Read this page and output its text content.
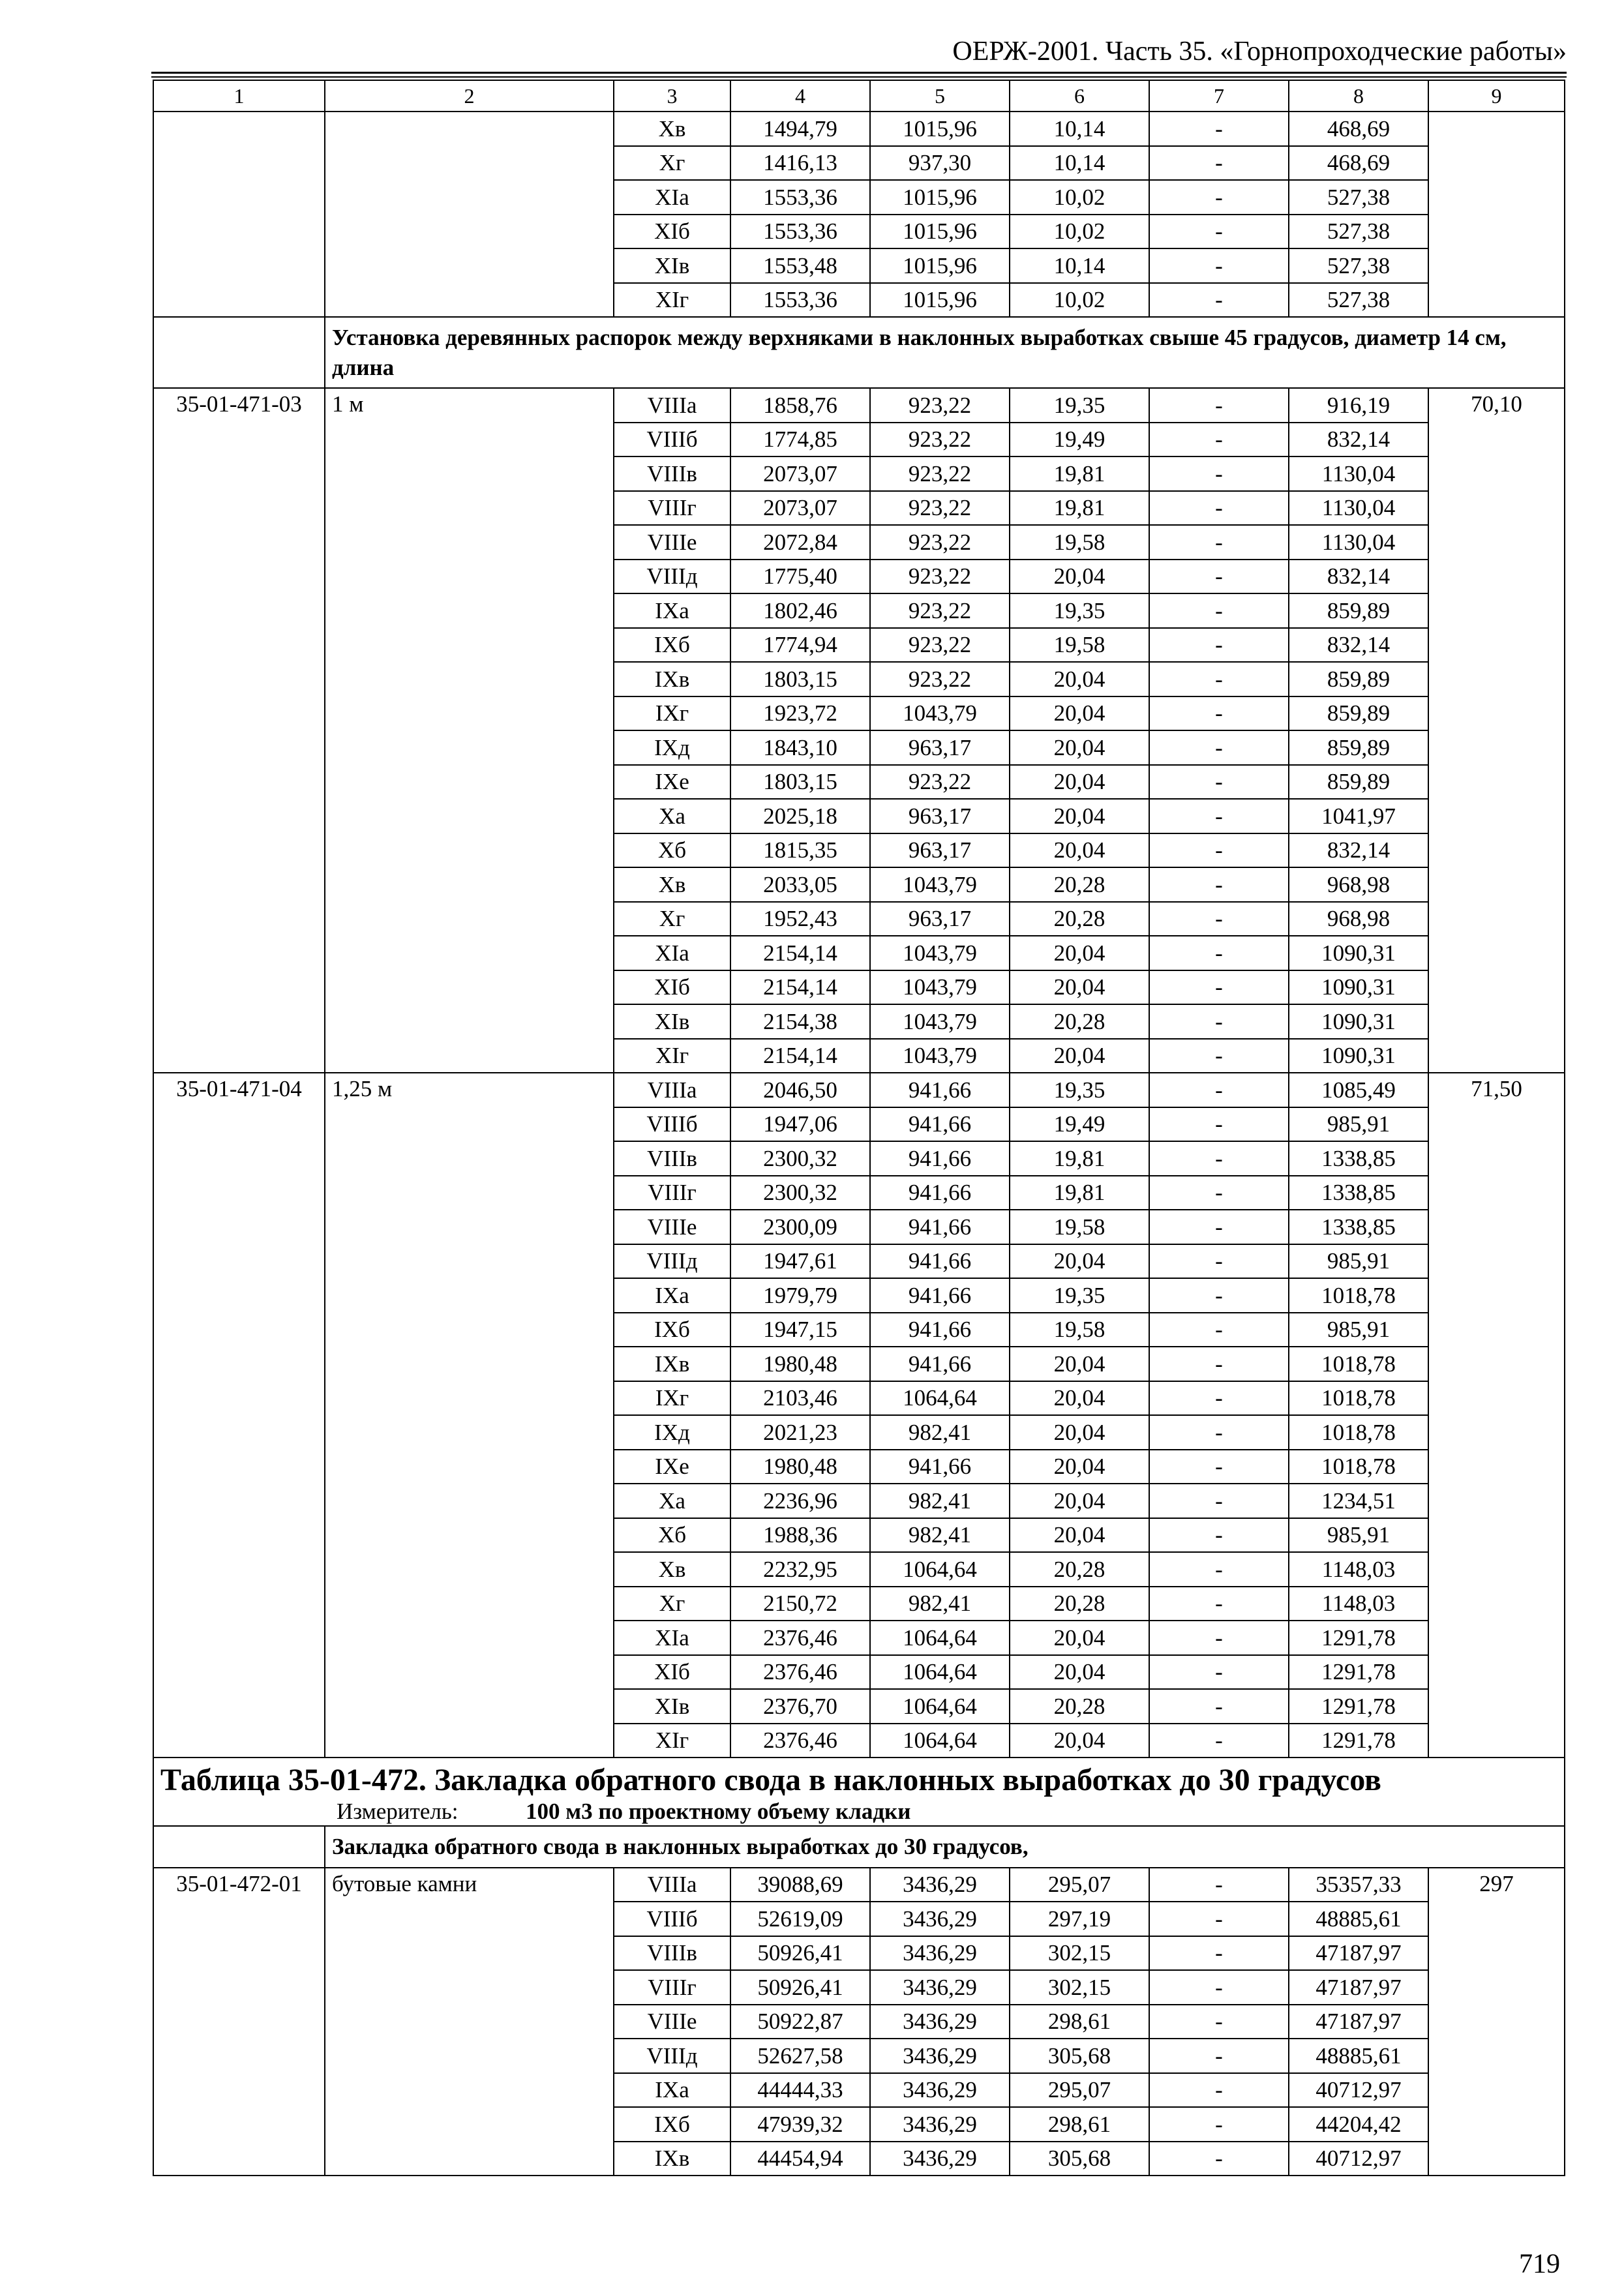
ОЕРЖ-2001. Часть 35. «Горнопроходческие работы»
1	2	3	4	5	6	7	8	9
		Хв	1494,79	1015,96	10,14	-	468,69	
		Хг	1416,13	937,30	10,14	-	468,69	
		ХIа	1553,36	1015,96	10,02	-	527,38	
		ХIб	1553,36	1015,96	10,02	-	527,38	
		ХIв	1553,48	1015,96	10,14	-	527,38	
		ХIг	1553,36	1015,96	10,02	-	527,38	
	Установка деревянных распорок между верхняками в наклонных выработках свыше 45 градусов, диаметр 14 см, длина							
35-01-471-03	1 м	VIIIа	1858,76	923,22	19,35	-	916,19	70,10
		VIIIб	1774,85	923,22	19,49	-	832,14	
		VIIIв	2073,07	923,22	19,81	-	1130,04	
		VIIIг	2073,07	923,22	19,81	-	1130,04	
		VIIIе	2072,84	923,22	19,58	-	1130,04	
		VIIIд	1775,40	923,22	20,04	-	832,14	
		IХа	1802,46	923,22	19,35	-	859,89	
		IХб	1774,94	923,22	19,58	-	832,14	
		IХв	1803,15	923,22	20,04	-	859,89	
		IХг	1923,72	1043,79	20,04	-	859,89	
		IХд	1843,10	963,17	20,04	-	859,89	
		IХе	1803,15	923,22	20,04	-	859,89	
		Ха	2025,18	963,17	20,04	-	1041,97	
		Хб	1815,35	963,17	20,04	-	832,14	
		Хв	2033,05	1043,79	20,28	-	968,98	
		Хг	1952,43	963,17	20,28	-	968,98	
		ХIа	2154,14	1043,79	20,04	-	1090,31	
		ХIб	2154,14	1043,79	20,04	-	1090,31	
		ХIв	2154,38	1043,79	20,28	-	1090,31	
		ХIг	2154,14	1043,79	20,04	-	1090,31	
35-01-471-04	1,25 м	VIIIа	2046,50	941,66	19,35	-	1085,49	71,50
		VIIIб	1947,06	941,66	19,49	-	985,91	
		VIIIв	2300,32	941,66	19,81	-	1338,85	
		VIIIг	2300,32	941,66	19,81	-	1338,85	
		VIIIе	2300,09	941,66	19,58	-	1338,85	
		VIIIд	1947,61	941,66	20,04	-	985,91	
		IХа	1979,79	941,66	19,35	-	1018,78	
		IХб	1947,15	941,66	19,58	-	985,91	
		IХв	1980,48	941,66	20,04	-	1018,78	
		IХг	2103,46	1064,64	20,04	-	1018,78	
		IХд	2021,23	982,41	20,04	-	1018,78	
		IХе	1980,48	941,66	20,04	-	1018,78	
		Ха	2236,96	982,41	20,04	-	1234,51	
		Хб	1988,36	982,41	20,04	-	985,91	
		Хв	2232,95	1064,64	20,28	-	1148,03	
		Хг	2150,72	982,41	20,28	-	1148,03	
		ХIа	2376,46	1064,64	20,04	-	1291,78	
		ХIб	2376,46	1064,64	20,04	-	1291,78	
		ХIв	2376,70	1064,64	20,28	-	1291,78	
		ХIг	2376,46	1064,64	20,04	-	1291,78	

Таблица 35-01-472. Закладка обратного свода в наклонных выработках до 30 градусов
Измеритель: 100 м3 по проектному объему кладки								

	Закладка обратного свода в наклонных выработках до 30 градусов,							
35-01-472-01	бутовые камни	VIIIа	39088,69	3436,29	295,07	-	35357,33	297
		VIIIб	52619,09	3436,29	297,19	-	48885,61	
		VIIIв	50926,41	3436,29	302,15	-	47187,97	
		VIIIг	50926,41	3436,29	302,15	-	47187,97	
		VIIIе	50922,87	3436,29	298,61	-	47187,97	
		VIIIд	52627,58	3436,29	305,68	-	48885,61	
		IХа	44444,33	3436,29	295,07	-	40712,97	
		IХб	47939,32	3436,29	298,61	-	44204,42	
		IХв	44454,94	3436,29	305,68	-	40712,97	
719
